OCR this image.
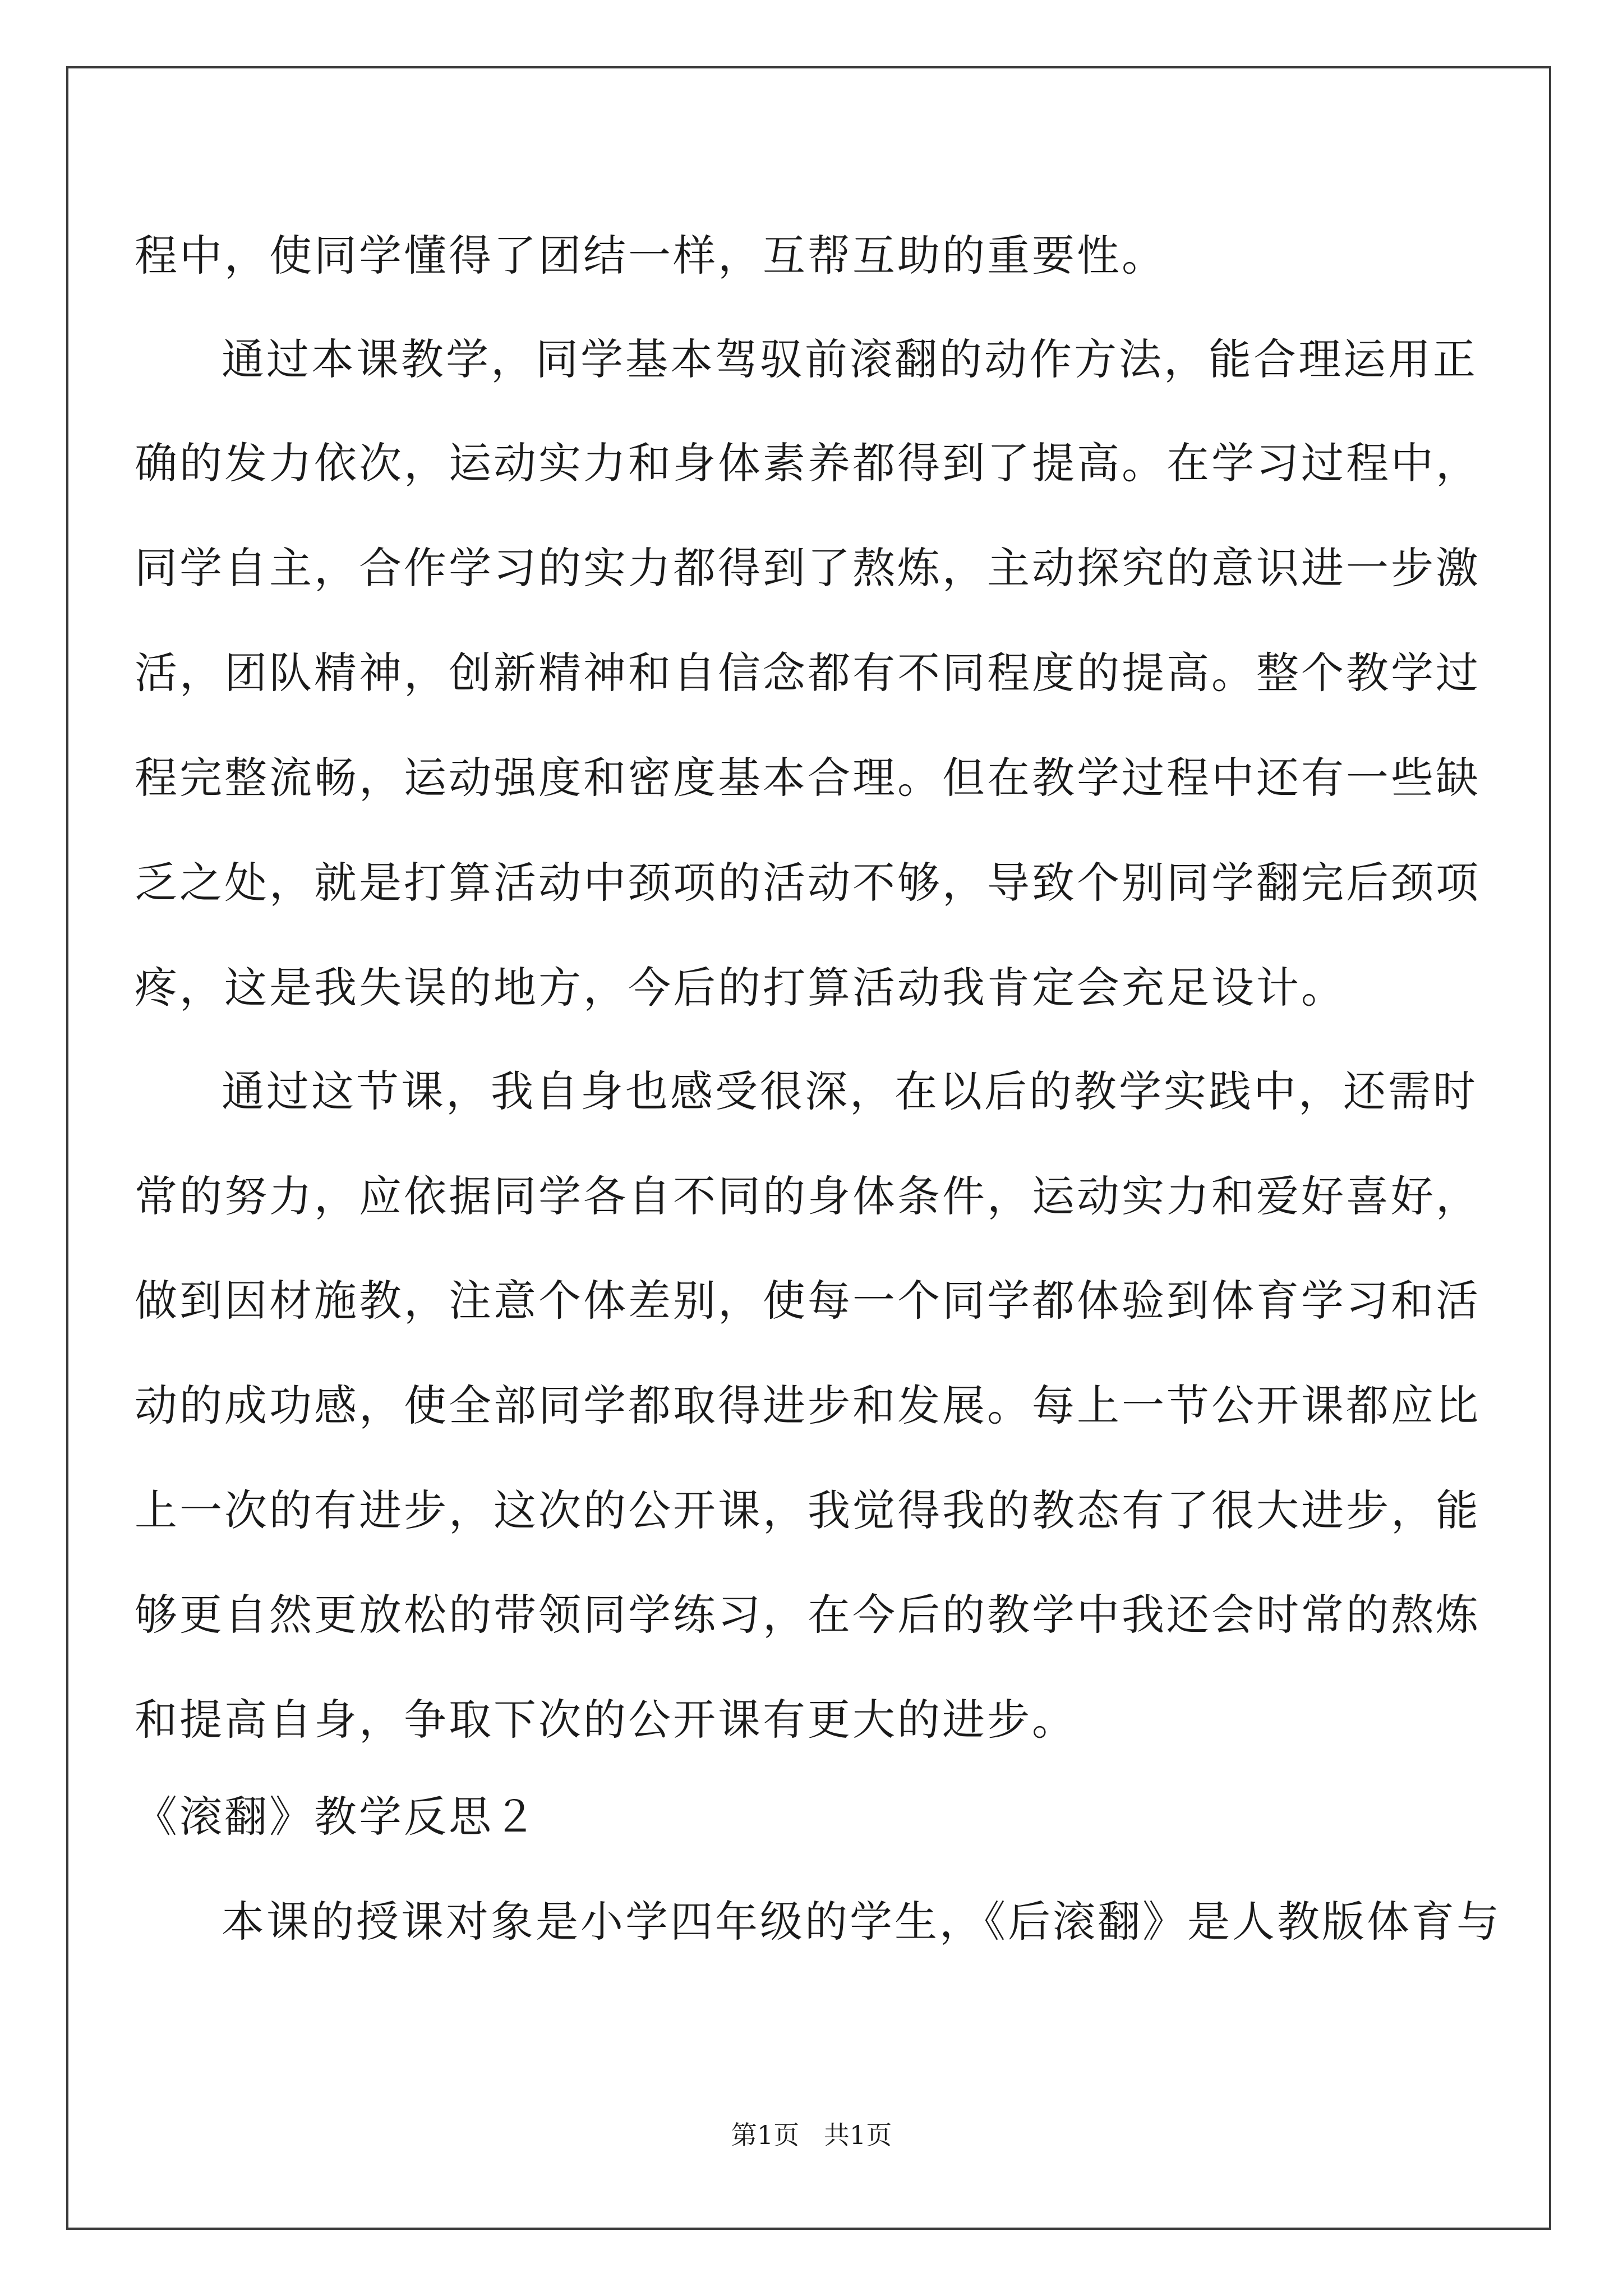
程中，使同学懂得了团结一样，互帮互助的重要性。
通过本课教学，同学基本驾驭前滚翻的动作方法，能合理运用正
确的发力依次，运动实力和身体素养都得到了提高。在学习过程中，
同学自主，合作学习的实力都得到了熬炼，主动探究的意识进一步激
活，团队精神，创新精神和自信念都有不同程度的提高。整个教学过
程完整流畅，运动强度和密度基本合理。但在教学过程中还有一些缺
乏之处，就是打算活动中颈项的活动不够，导致个别同学翻完后颈项
疼，这是我失误的地方，今后的打算活动我肯定会充足设计。
通过这节课，我自身也感受很深，在以后的教学实践中，还需时
常的努力，应依据同学各自不同的身体条件，运动实力和爱好喜好，
做到因材施教，注意个体差别，使每一个同学都体验到体育学习和活
动的成功感，使全部同学都取得进步和发展。每上一节公开课都应比
上一次的有进步，这次的公开课，我觉得我的教态有了很大进步，能
够更自然更放松的带领同学练习，在今后的教学中我还会时常的熬炼
和提高自身，争取下次的公开课有更大的进步。
《滚翻》教学反思２
本课的授课对象是小学四年级的学生，《后滚翻》是人教版体育与
第1页   共1页
